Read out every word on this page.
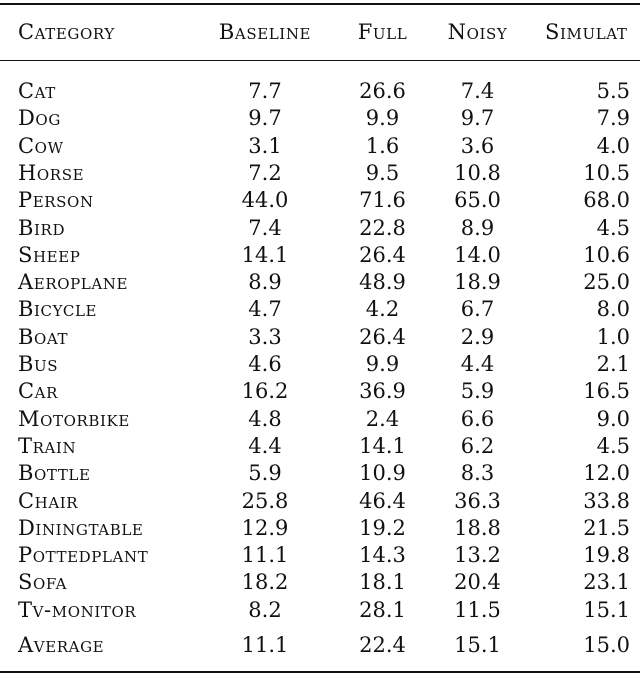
Category	Baseline	Full	Noisy	Simulat
Cat	7.7	26.6	7.4	5.5
Dog	9.7	9.9	9.7	7.9
Cow	3.1	1.6	3.6	4.0
Horse	7.2	9.5	10.8	10.5
Person	44.0	71.6	65.0	68.0
Bird	7.4	22.8	8.9	4.5
Sheep	14.1	26.4	14.0	10.6
Aeroplane	8.9	48.9	18.9	25.0
Bicycle	4.7	4.2	6.7	8.0
Boat	3.3	26.4	2.9	1.0
Bus	4.6	9.9	4.4	2.1
Car	16.2	36.9	5.9	16.5
Motorbike	4.8	2.4	6.6	9.0
Train	4.4	14.1	6.2	4.5
Bottle	5.9	10.9	8.3	12.0
Chair	25.8	46.4	36.3	33.8
Diningtable	12.9	19.2	18.8	21.5
Pottedplant	11.1	14.3	13.2	19.8
Sofa	18.2	18.1	20.4	23.1
Tv-monitor	8.2	28.1	11.5	15.1
Average	11.1	22.4	15.1	15.0
